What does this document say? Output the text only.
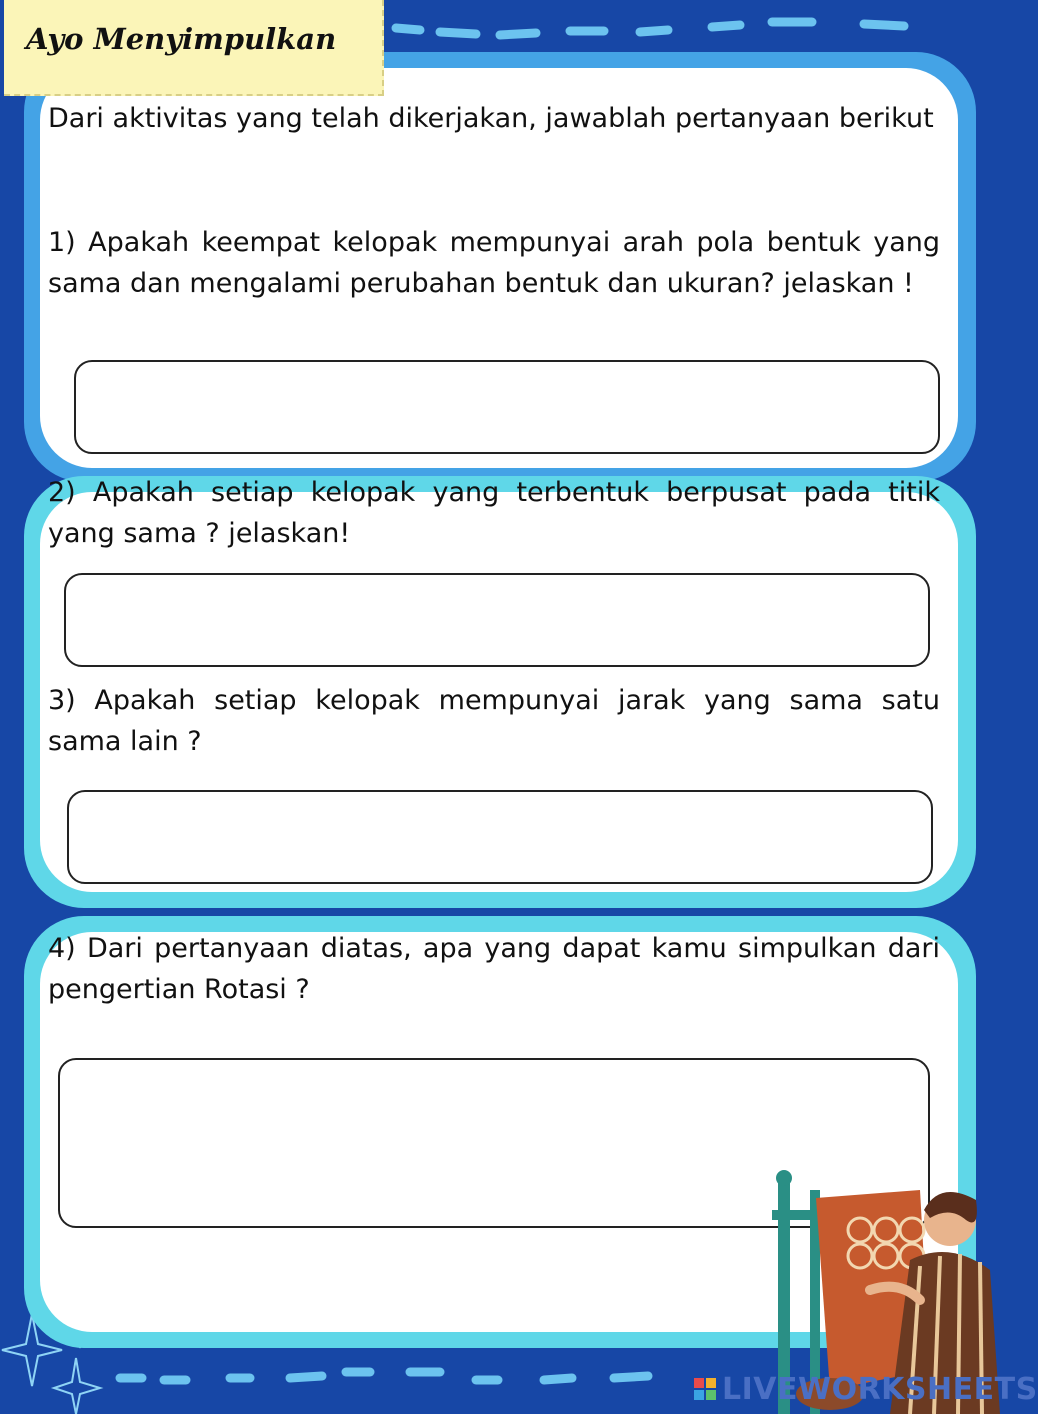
Ayo Menyimpulkan

Dari aktivitas yang telah dikerjakan, jawablah pertanyaan berikut

1) Apakah keempat kelopak mempunyai arah pola bentuk yang sama dan mengalami perubahan bentuk dan ukuran? jelaskan !

2) Apakah setiap kelopak yang terbentuk berpusat pada titik yang sama ? jelaskan!

3) Apakah setiap kelopak mempunyai jarak yang sama satu sama lain ?

4) Dari pertanyaan diatas, apa yang dapat kamu simpulkan dari pengertian Rotasi ?

LIVEWORKSHEETS
